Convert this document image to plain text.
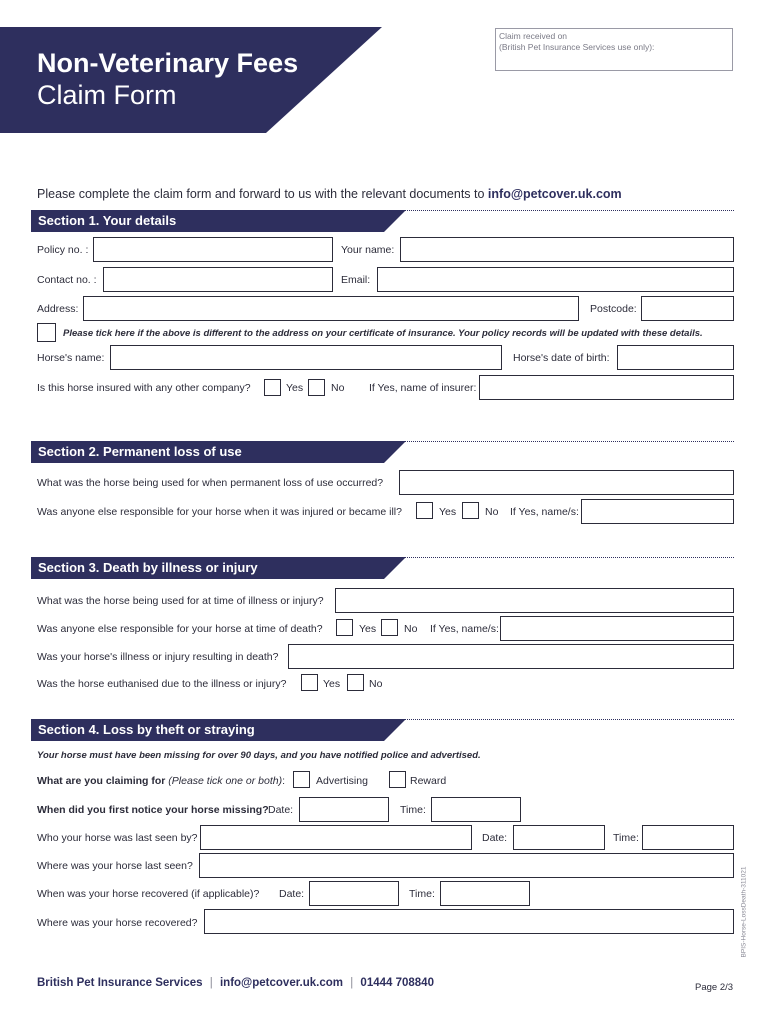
Non-Veterinary Fees
Claim Form
Claim received on
(British Pet Insurance Services use only):
Please complete the claim form and forward to us with the relevant documents to info@petcover.uk.com
Section 1. Your details
Policy no. :	Your name:
Contact no. :	Email:
Address:	Postcode:
Please tick here if the above is different to the address on your certificate of insurance. Your policy records will be updated with these details.
Horse's name:	Horse's date of birth:
Is this horse insured with any other company?	Yes	No If Yes, name of insurer:
Section 2. Permanent loss of use
What was the horse being used for when permanent loss of use occurred?
Was anyone else responsible for your horse when it was injured or became ill?	Yes	No If Yes, name/s:
Section 3. Death by illness or injury
What was the horse being used for at time of illness or injury?
Was anyone else responsible for your horse at time of death?	Yes	No If Yes, name/s:
Was your horse's illness or injury resulting in death?
Was the horse euthanised due to the illness or injury?	Yes	No
Section 4. Loss by theft or straying
Your horse must have been missing for over 90 days, and you have notified police and advertised.
What are you claiming for (Please tick one or both):	Advertising	Reward
When did you first notice your horse missing? Date:	Time:
Who your horse was last seen by?	Date:	Time:
Where was your horse last seen?
When was your horse recovered (if applicable)? Date:	Time:
Where was your horse recovered?	BPIS-Horse-LossDeath-311021
British Pet Insurance Services | info@petcover.uk.com | 01444 708840	Page 2/3
